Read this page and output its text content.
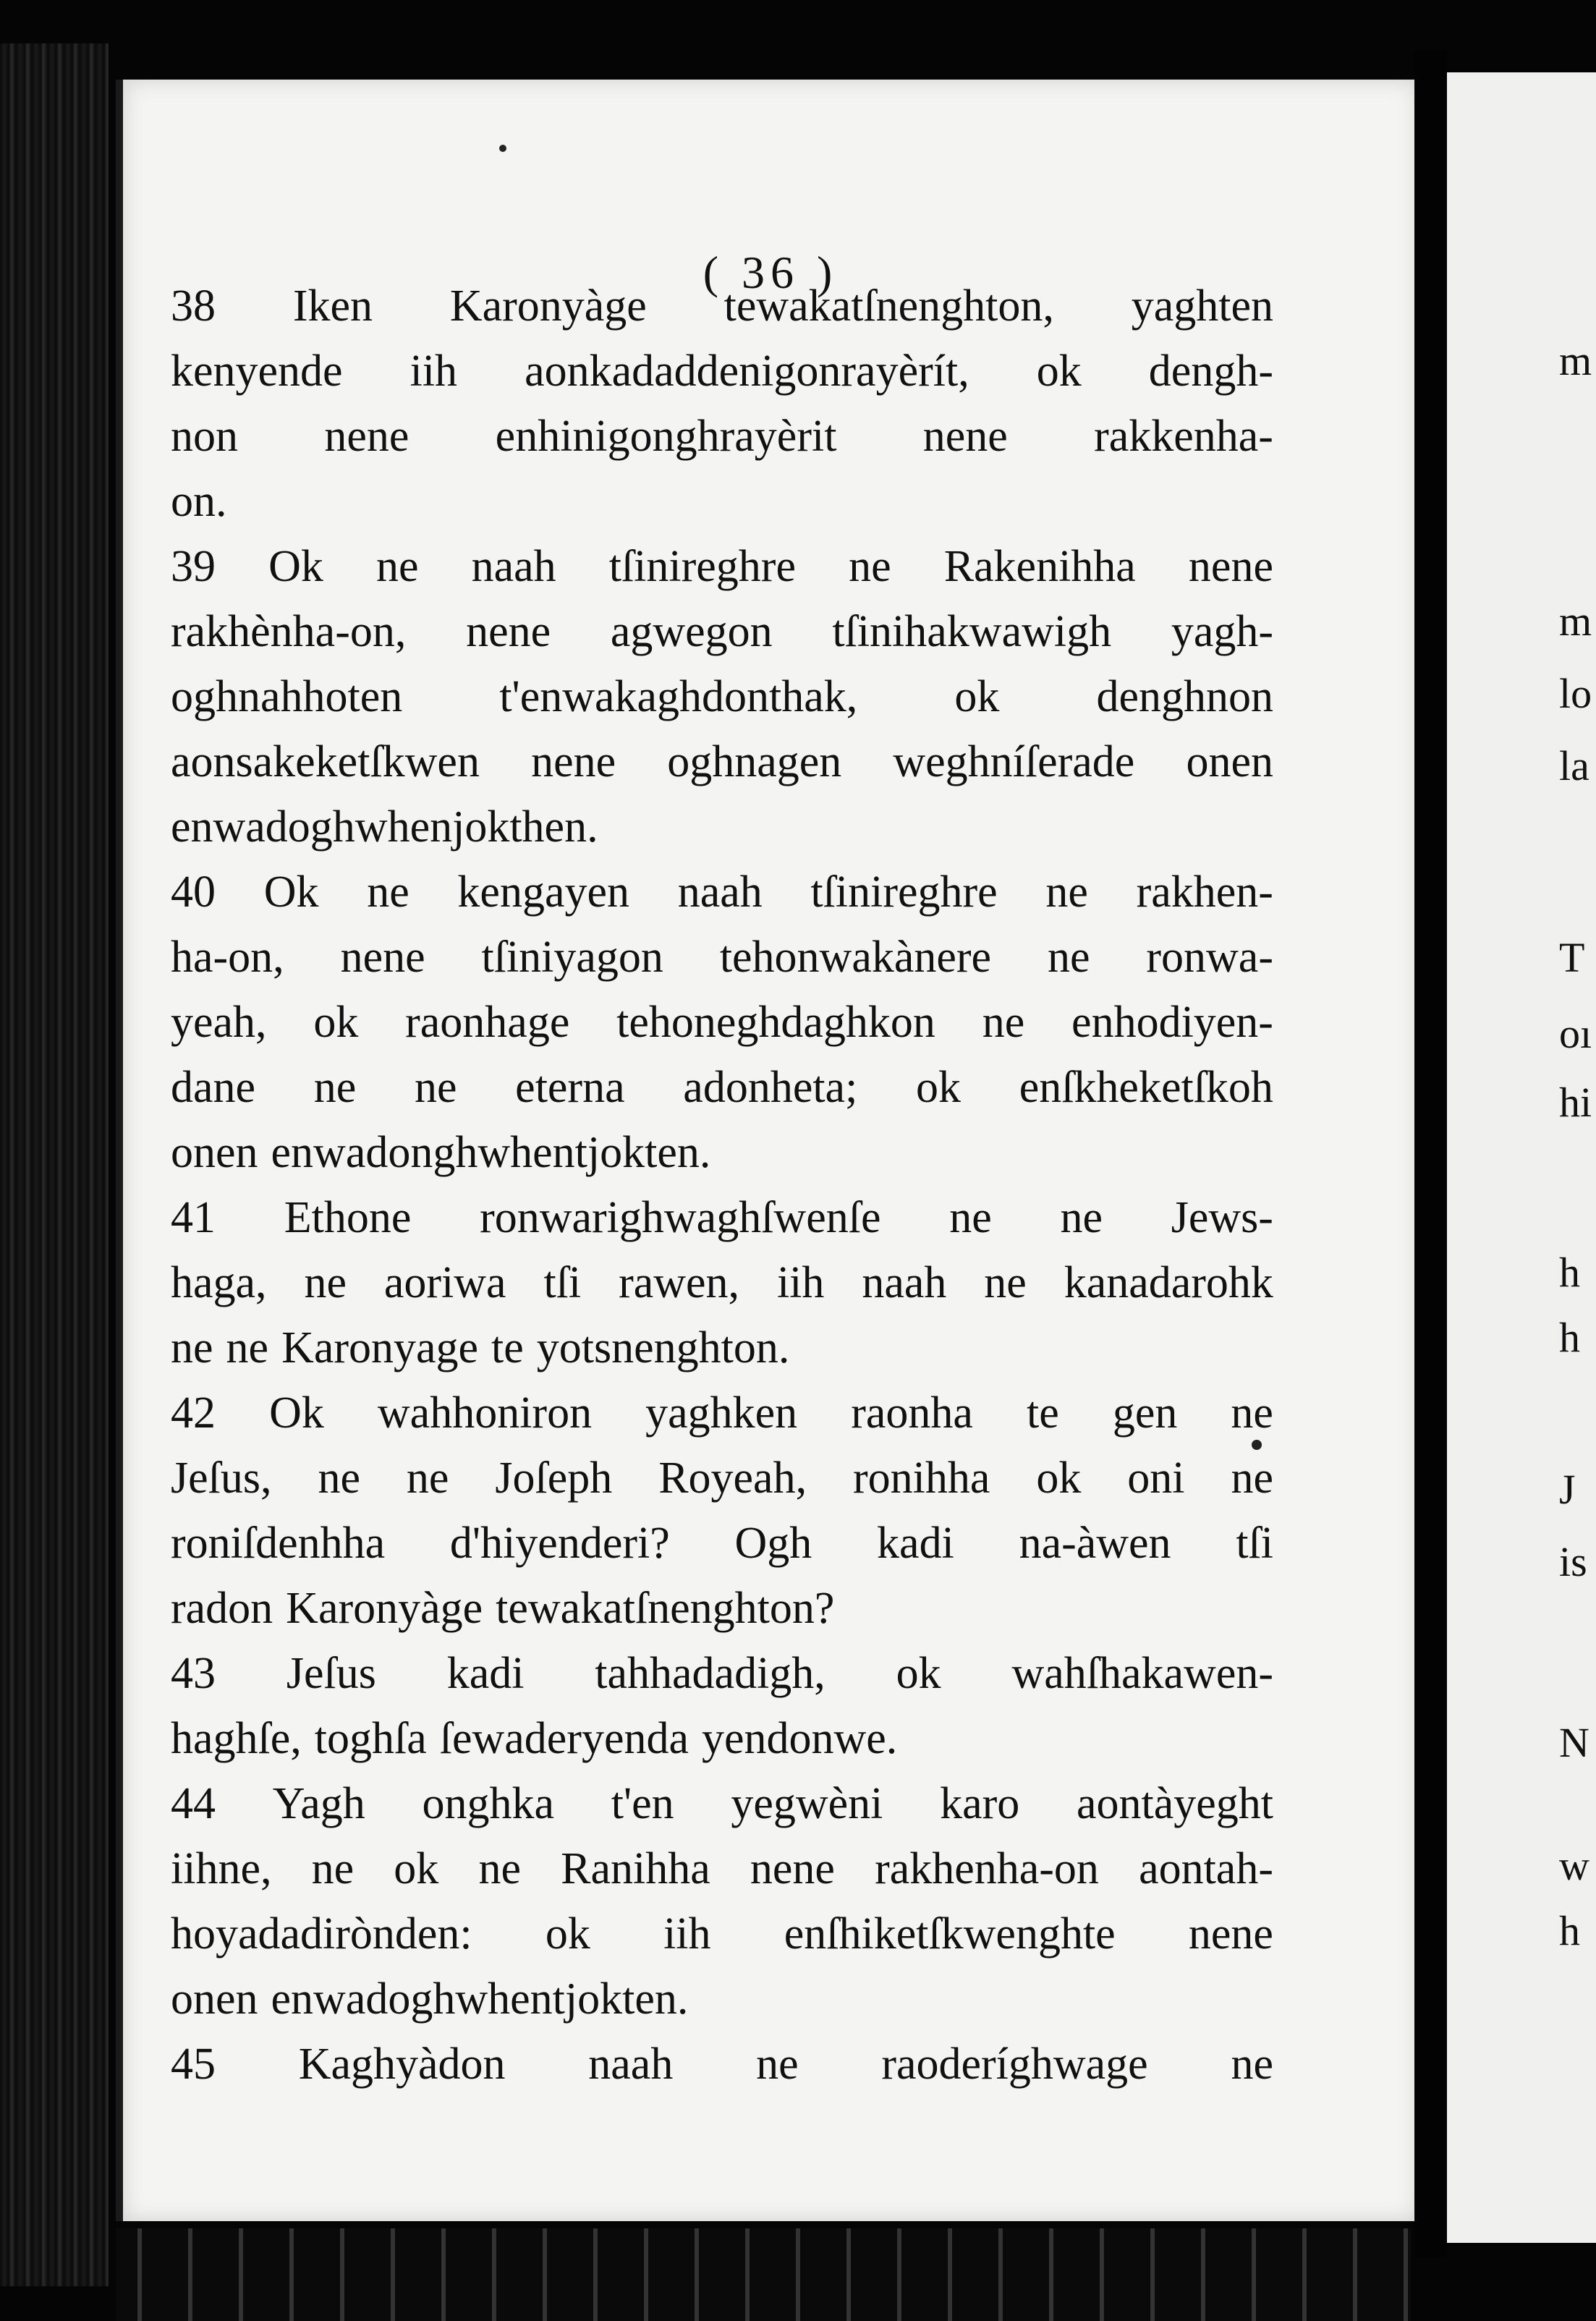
( 36 )
38 Iken Karonyàge tewakatſnenghton, yaghten
kenyende iih aonkadaddenigonrayèrít, ok dengh-
non nene enhinigonghrayèrit nene rakkenha-
on.
39 Ok ne naah tſinireghre ne Rakenihha nene
rakhènha-on, nene agwegon tſinihakwawigh yagh-
oghnahhoten t'enwakaghdonthak, ok denghnon
aonsakeketſkwen nene oghnagen weghníſerade onen
enwadoghwhenjokthen.
40 Ok ne kengayen naah tſinireghre ne rakhen-
ha-on, nene tſiniyagon tehonwakànere ne ronwa-
yeah, ok raonhage tehoneghdaghkon ne enhodiyen-
dane ne ne eterna adonheta; ok enſkheketſkoh
onen enwadonghwhentjokten.
41 Ethone ronwarighwaghſwenſe ne ne Jews-
haga, ne aoriwa tſi rawen, iih naah ne kanadarohk
ne ne Karonyage te yotsnenghton.
42 Ok wahhoniron yaghken raonha te gen ne
Jeſus, ne ne Joſeph Royeah, ronihha ok oni ne
roniſdenhha d'hiyenderi? Ogh kadi na-àwen tſi
radon Karonyàge tewakatſnenghton?
43 Jeſus kadi tahhadadigh, ok wahſhakawen-
haghſe, toghſa ſewaderyenda yendonwe.
44 Yagh onghka t'en yegwèni karo aontàyeght
iihne, ne ok ne Ranihha nene rakhenha-on aontah-
hoyadadirònden: ok iih enſhiketſkwenghte nene
onen enwadoghwhentjokten.
45 Kaghyàdon naah ne raoderíghwage ne
m
m
lo
la
T
oı
hi
h
h
J
is
N
w
h
